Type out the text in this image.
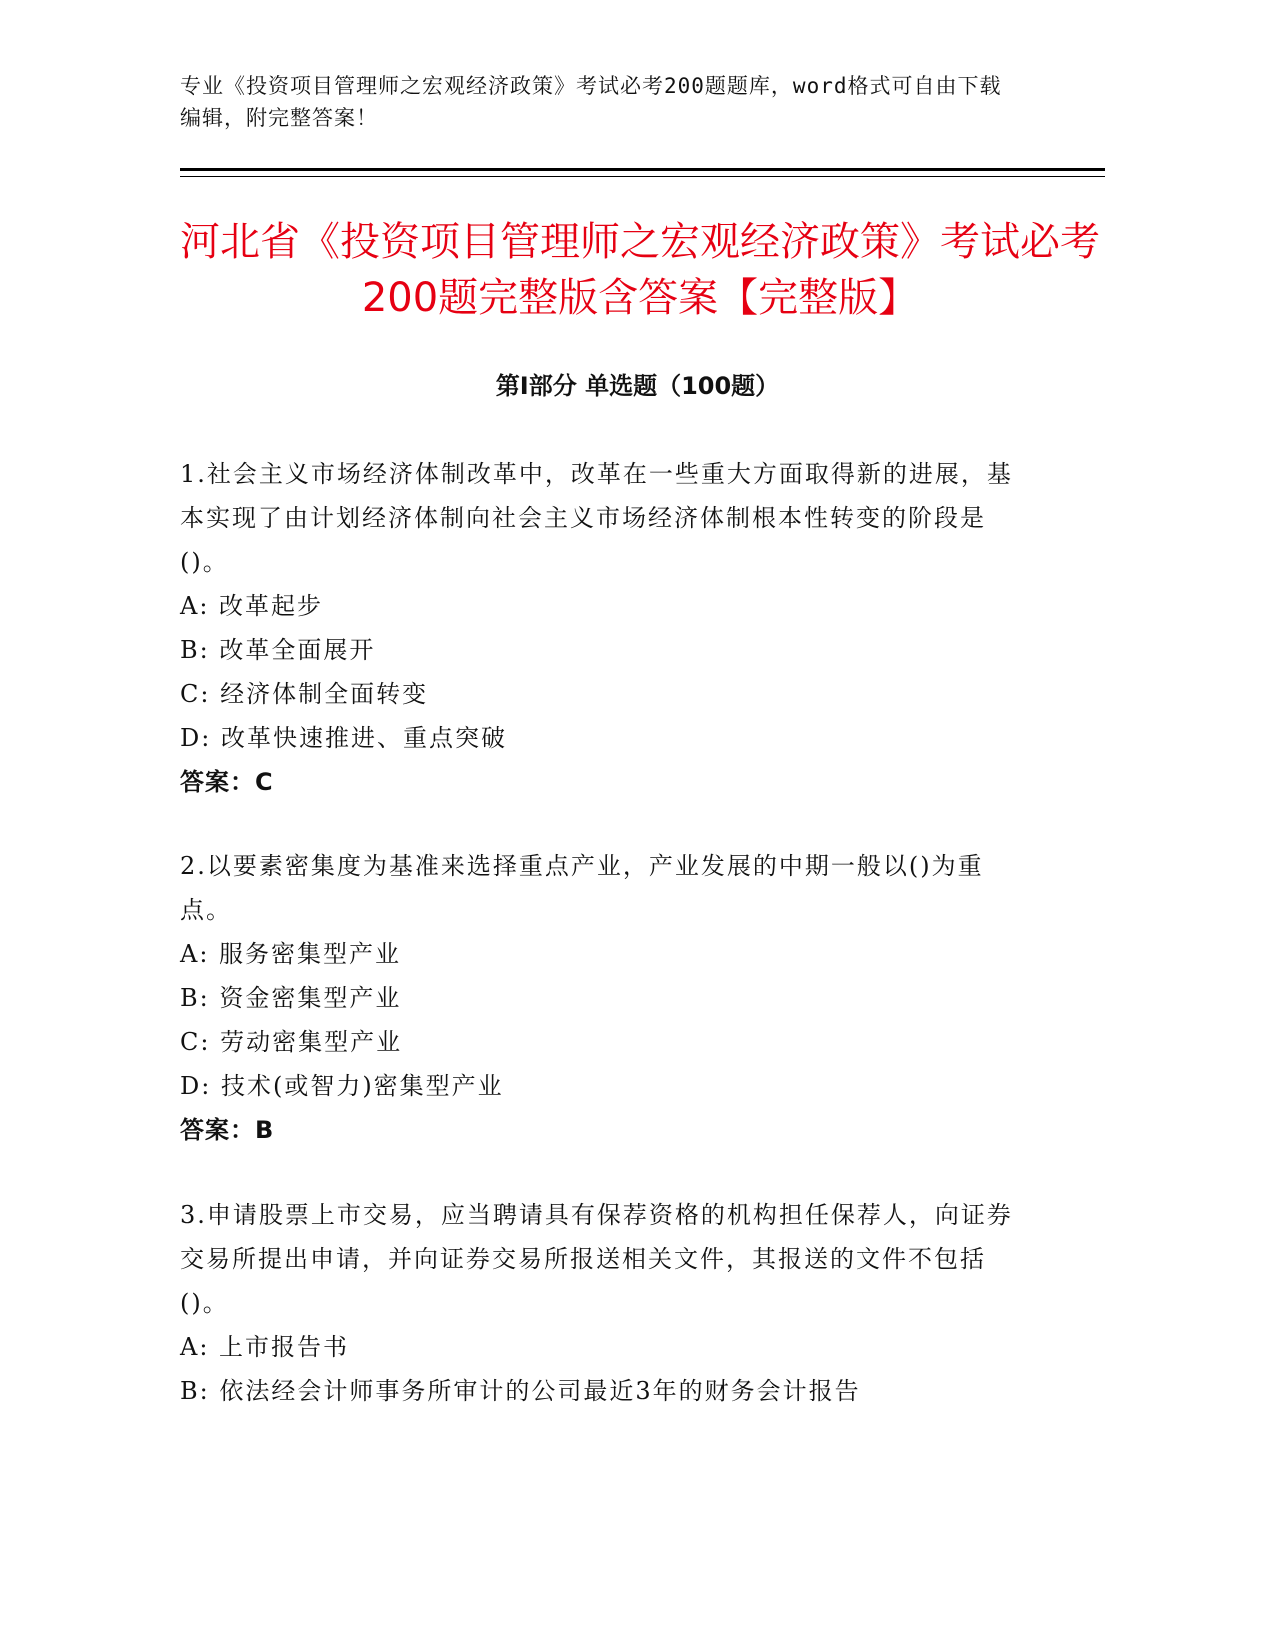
专业《投资项目管理师之宏观经济政策》考试必考200题题库，word格式可自由下载编辑，附完整答案！
河北省《投资项目管理师之宏观经济政策》考试必考200题完整版含答案【完整版】
第I部分 单选题（100题）
1.社会主义市场经济体制改革中，改革在一些重大方面取得新的进展，基本实现了由计划经济体制向社会主义市场经济体制根本性转变的阶段是()。
A: 改革起步
B: 改革全面展开
C: 经济体制全面转变
D: 改革快速推进、重点突破
答案：C
2.以要素密集度为基准来选择重点产业，产业发展的中期一般以()为重点。
A: 服务密集型产业
B: 资金密集型产业
C: 劳动密集型产业
D: 技术(或智力)密集型产业
答案：B
3.申请股票上市交易，应当聘请具有保荐资格的机构担任保荐人，向证券交易所提出申请，并向证券交易所报送相关文件，其报送的文件不包括()。
A: 上市报告书
B: 依法经会计师事务所审计的公司最近3年的财务会计报告
